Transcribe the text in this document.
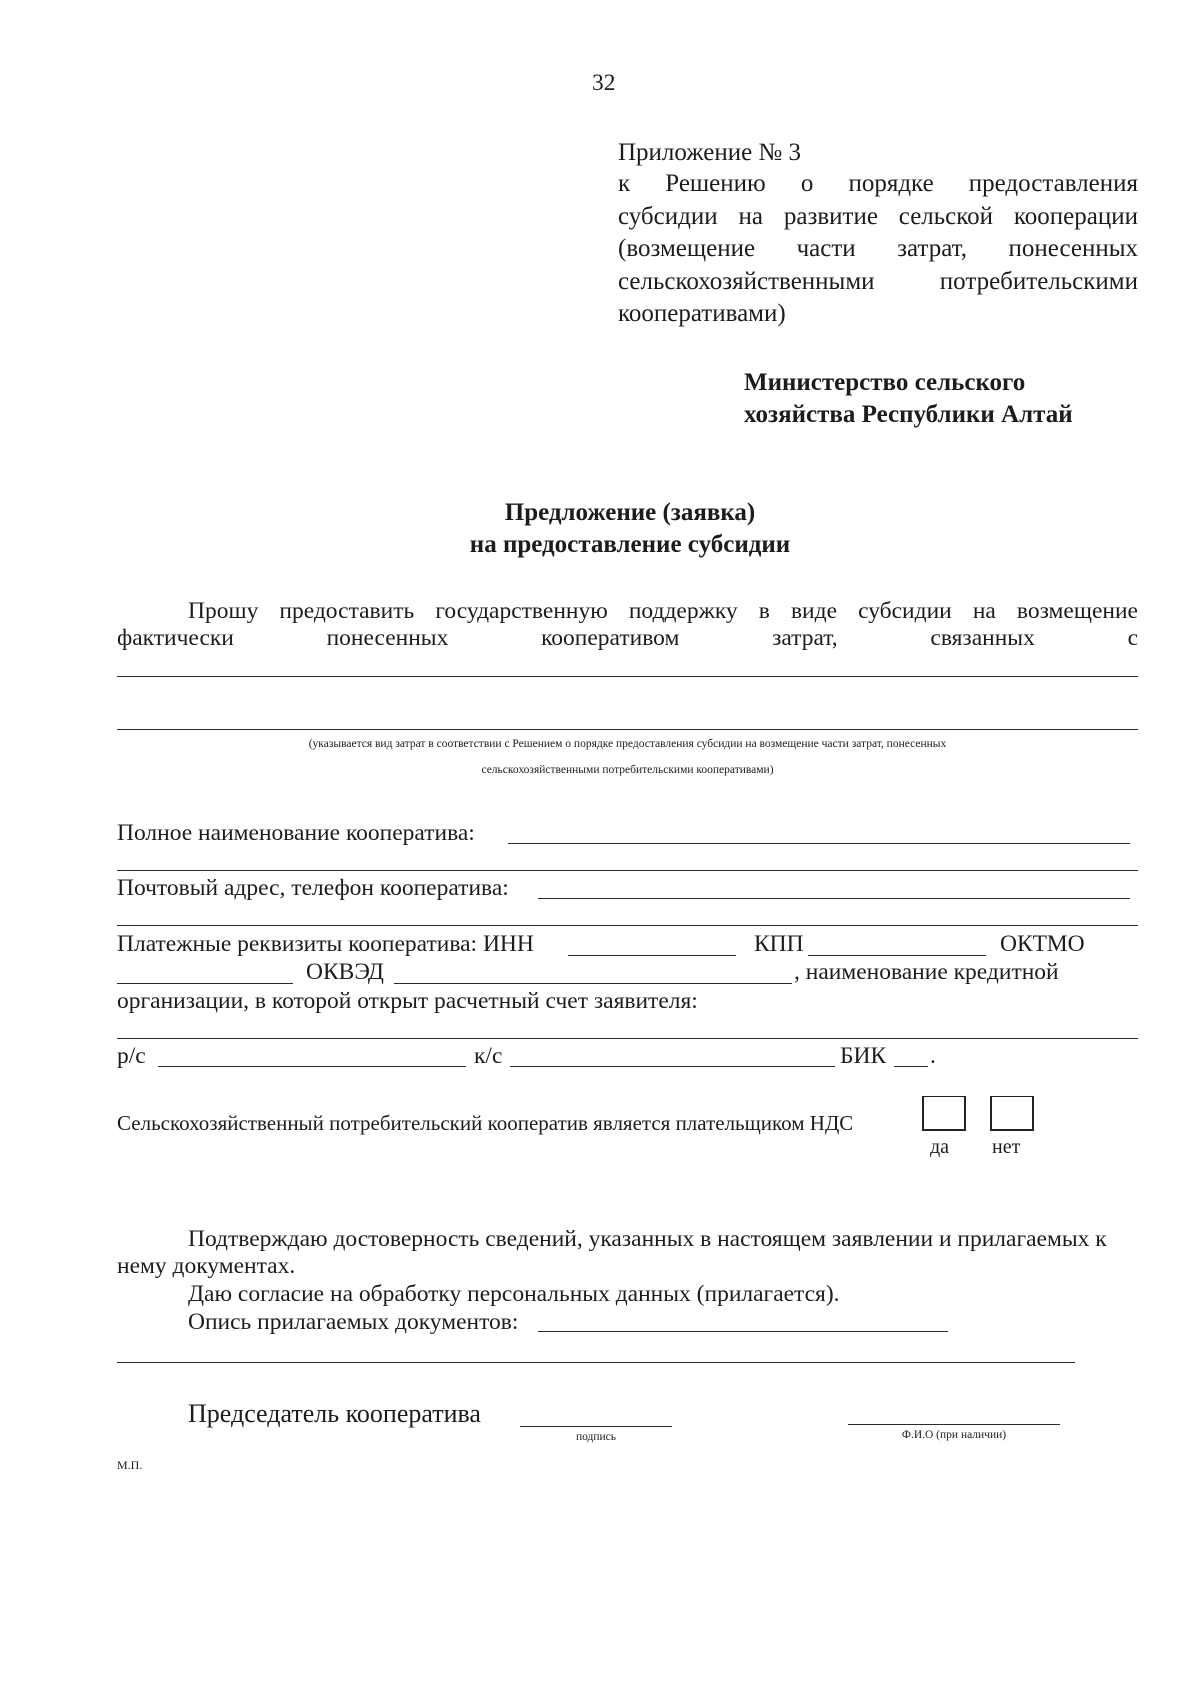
32
Приложение № 3
к Решению о порядке предоставления
субсидии на развитие сельской кооперации
(возмещение части затрат, понесенных
сельскохозяйственными потребительскими
кооперативами)
Министерство сельского
хозяйства Республики Алтай
Предложение (заявка)
на предоставление субсидии
Прошу предоставить государственную поддержку в виде субсидии на возмещение
фактически	понесенных	кооперативом	затрат,	связанных	с
(указывается вид затрат в соответствии с Решением о порядке предоставления субсидии на возмещение части затрат, понесенных
сельскохозяйственными потребительскими кооперативами)
Полное наименование кооператива:
Почтовый адрес, телефон кооператива:
Платежные реквизиты кооператива: ИНН	КПП	ОКТМО
ОКВЭД	, наименование кредитной
организации, в которой открыт расчетный счет заявителя:
р/с	к/с	БИК .
Сельскохозяйственный потребительский кооператив является плательщиком НДС
да нет
Подтверждаю достоверность сведений, указанных в настоящем заявлении и прилагаемых к
нему документах.
Даю согласие на обработку персональных данных (прилагается).
Опись прилагаемых документов:
Председатель кооператива
подпись	Ф.И.О (при наличии)
М.П.
